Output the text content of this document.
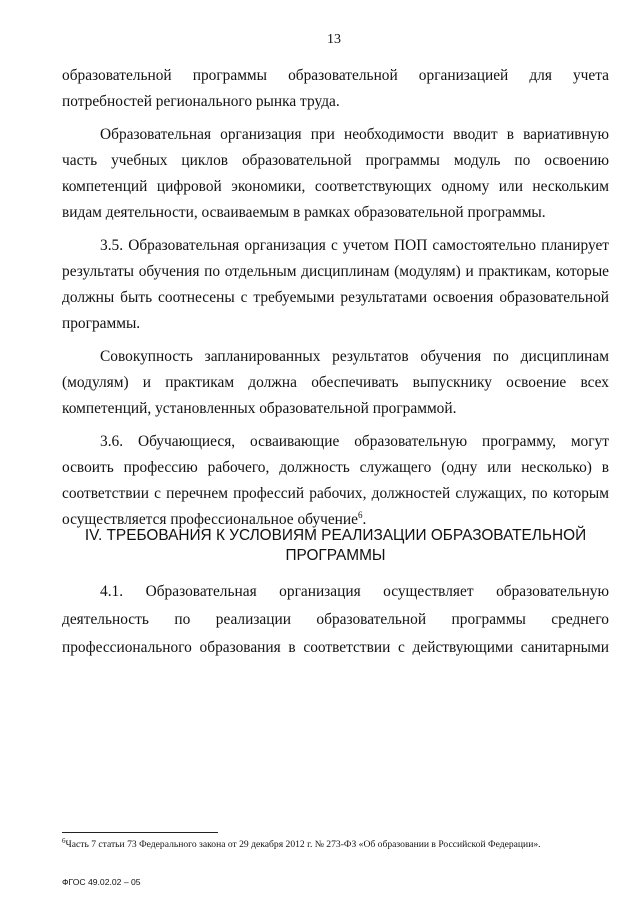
13

образовательной программы образовательной организацией для учета потребностей регионального рынка труда.

Образовательная организация при необходимости вводит в вариативную часть учебных циклов образовательной программы модуль по освоению компетенций цифровой экономики, соответствующих одному или нескольким видам деятельности, осваиваемым в рамках образовательной программы.

3.5. Образовательная организация с учетом ПОП самостоятельно планирует результаты обучения по отдельным дисциплинам (модулям) и практикам, которые должны быть соотнесены с требуемыми результатами освоения образовательной программы.

Совокупность запланированных результатов обучения по дисциплинам (модулям) и практикам должна обеспечивать выпускнику освоение всех компетенций, установленных образовательной программой.

3.6. Обучающиеся, осваивающие образовательную программу, могут освоить профессию рабочего, должность служащего (одну или несколько) в соответствии с перечнем профессий рабочих, должностей служащих, по которым осуществляется профессиональное обучение$^6$.

IV. ТРЕБОВАНИЯ К УСЛОВИЯМ РЕАЛИЗАЦИИ ОБРАЗОВАТЕЛЬНОЙ ПРОГРАММЫ

4.1. Образовательная организация осуществляет образовательную деятельность по реализации образовательной программы среднего профессионального образования в соответствии с действующими санитарными

$^6$Часть 7 статьи 73 Федерального закона от 29 декабря 2012 г. № 273-ФЗ «Об образовании в Российской Федерации».
ФГОС 49.02.02 – 05
